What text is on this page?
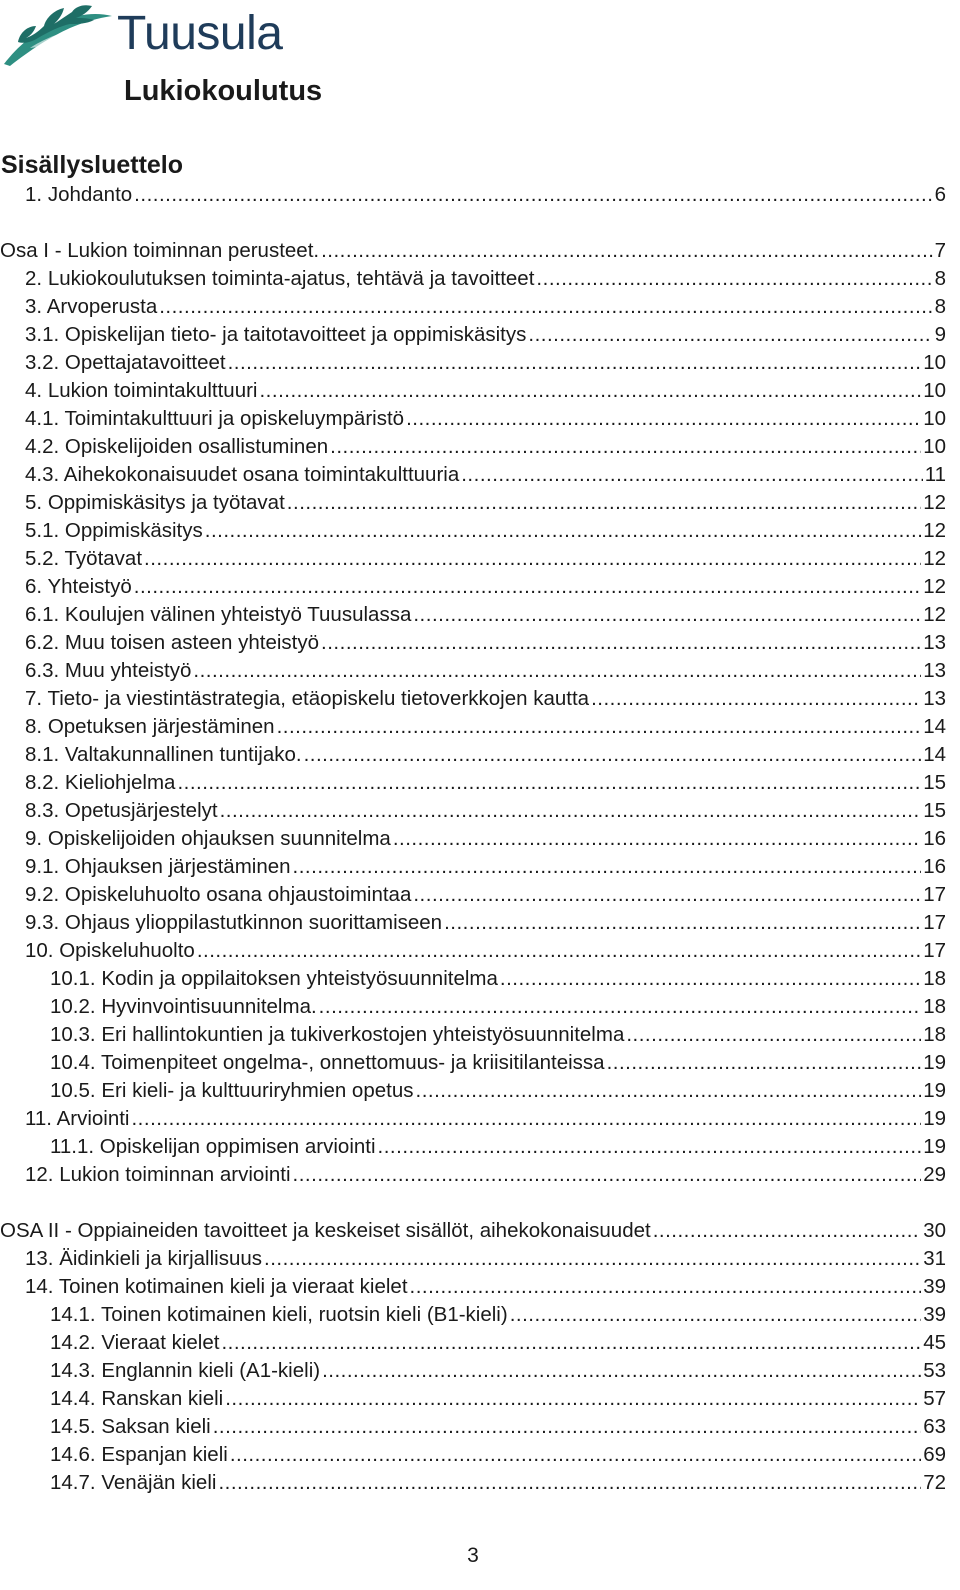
Tuusula
Lukiokoulutus
Sisällysluettelo
1. Johdanto .....	6
Osa I - Lukion toiminnan perusteet. .....	7
2. Lukiokoulutuksen toiminta-ajatus, tehtävä ja tavoitteet .....	8
3. Arvoperusta .....	8
3.1. Opiskelijan tieto- ja taitotavoitteet ja oppimiskäsitys .....	9
3.2. Opettajatavoitteet .....	10
4. Lukion toimintakulttuuri .....	10
4.1. Toimintakulttuuri ja opiskeluympäristö .....	10
4.2. Opiskelijoiden osallistuminen .....	10
4.3. Aihekokonaisuudet osana toimintakulttuuria .....	11
5. Oppimiskäsitys ja työtavat .....	12
5.1. Oppimiskäsitys .....	12
5.2. Työtavat .....	12
6. Yhteistyö .....	12
6.1. Koulujen välinen yhteistyö Tuusulassa .....	12
6.2. Muu toisen asteen yhteistyö .....	13
6.3. Muu yhteistyö .....	13
7. Tieto- ja viestintästrategia, etäopiskelu tietoverkkojen kautta .....	13
8. Opetuksen järjestäminen .....	14
8.1. Valtakunnallinen tuntijako. .....	14
8.2. Kieliohjelma .....	15
8.3. Opetusjärjestelyt .....	15
9. Opiskelijoiden ohjauksen suunnitelma .....	16
9.1. Ohjauksen järjestäminen .....	16
9.2. Opiskeluhuolto osana ohjaustoimintaa .....	17
9.3. Ohjaus ylioppilastutkinnon suorittamiseen .....	17
10. Opiskeluhuolto .....	17
10.1. Kodin ja oppilaitoksen yhteistyösuunnitelma .....	18
10.2. Hyvinvointisuunnitelma. .....	18
10.3. Eri hallintokuntien ja tukiverkostojen yhteistyösuunnitelma .....	18
10.4. Toimenpiteet ongelma-, onnettomuus- ja kriisitilanteissa .....	19
10.5. Eri kieli- ja kulttuuriryhmien opetus .....	19
11. Arviointi .....	19
11.1. Opiskelijan oppimisen arviointi .....	19
12. Lukion toiminnan arviointi .....	29
OSA II - Oppiaineiden tavoitteet ja keskeiset sisällöt, aihekokonaisuudet .....	30
13. Äidinkieli ja kirjallisuus .....	31
14. Toinen kotimainen kieli ja vieraat kielet .....	39
14.1. Toinen kotimainen kieli, ruotsin kieli (B1-kieli) .....	39
14.2. Vieraat kielet .....	45
14.3. Englannin kieli (A1-kieli) .....	53
14.4. Ranskan kieli .....	57
14.5. Saksan kieli .....	63
14.6. Espanjan kieli .....	69
14.7. Venäjän kieli .....	72
3
